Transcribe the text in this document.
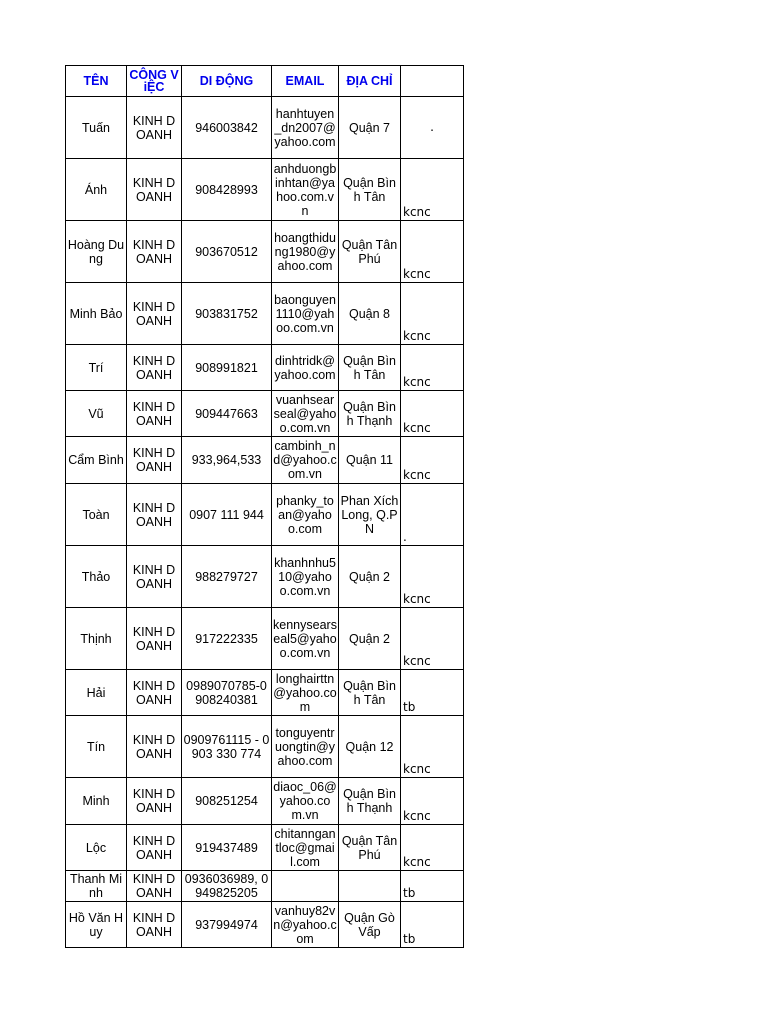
TÊN	CÔNG ViỆC	DI ĐỘNG	EMAIL	ĐỊA CHỈ	
Tuấn	KINH DOANH	946003842	hanhtuyen_dn2007@yahoo.com	Quận 7	.
Ánh	KINH DOANH	908428993	anhduongbinhtan@yahoo.com.vn	Quận Bình Tân	kcnc
Hoàng Dung	KINH DOANH	903670512	hoangthidung1980@yahoo.com	Quận Tân Phú	kcnc
Minh Bảo	KINH DOANH	903831752	baonguyen1110@yahoo.com.vn	Quận 8	kcnc
Trí	KINH DOANH	908991821	dinhtridk@yahoo.com	Quận Bình Tân	kcnc
Vũ	KINH DOANH	909447663	vuanhsearseal@yahoo.com.vn	Quận Bình Thạnh	kcnc
Cẩm Bình	KINH DOANH	933,964,533	cambinh_nd@yahoo.com.vn	Quận 11	kcnc
Toàn	KINH DOANH	0907 111 944	phanky_toan@yahoo.com	Phan Xích Long, Q.PN	.
Thảo	KINH DOANH	988279727	khanhnhu510@yahoo.com.vn	Quận 2	kcnc
Thịnh	KINH DOANH	917222335	kennysearseal5@yahoo.com.vn	Quận 2	kcnc
Hải	KINH DOANH	0989070785-0908240381	longhairttn@yahoo.com	Quận Bình Tân	tb
Tín	KINH DOANH	0909761115 - 0903 330 774	tonguyentruongtin@yahoo.com	Quận 12	kcnc
Minh	KINH DOANH	908251254	diaoc_06@yahoo.com.vn	Quận Bình Thạnh	kcnc
Lộc	KINH DOANH	919437489	chitanngantloc@gmail.com	Quận Tân Phú	kcnc
Thanh Minh	KINH DOANH	0936036989, 0949825205			tb
Hồ Văn Huy	KINH DOANH	937994974	vanhuy82vn@yahoo.com	Quận Gò Vấp	tb
